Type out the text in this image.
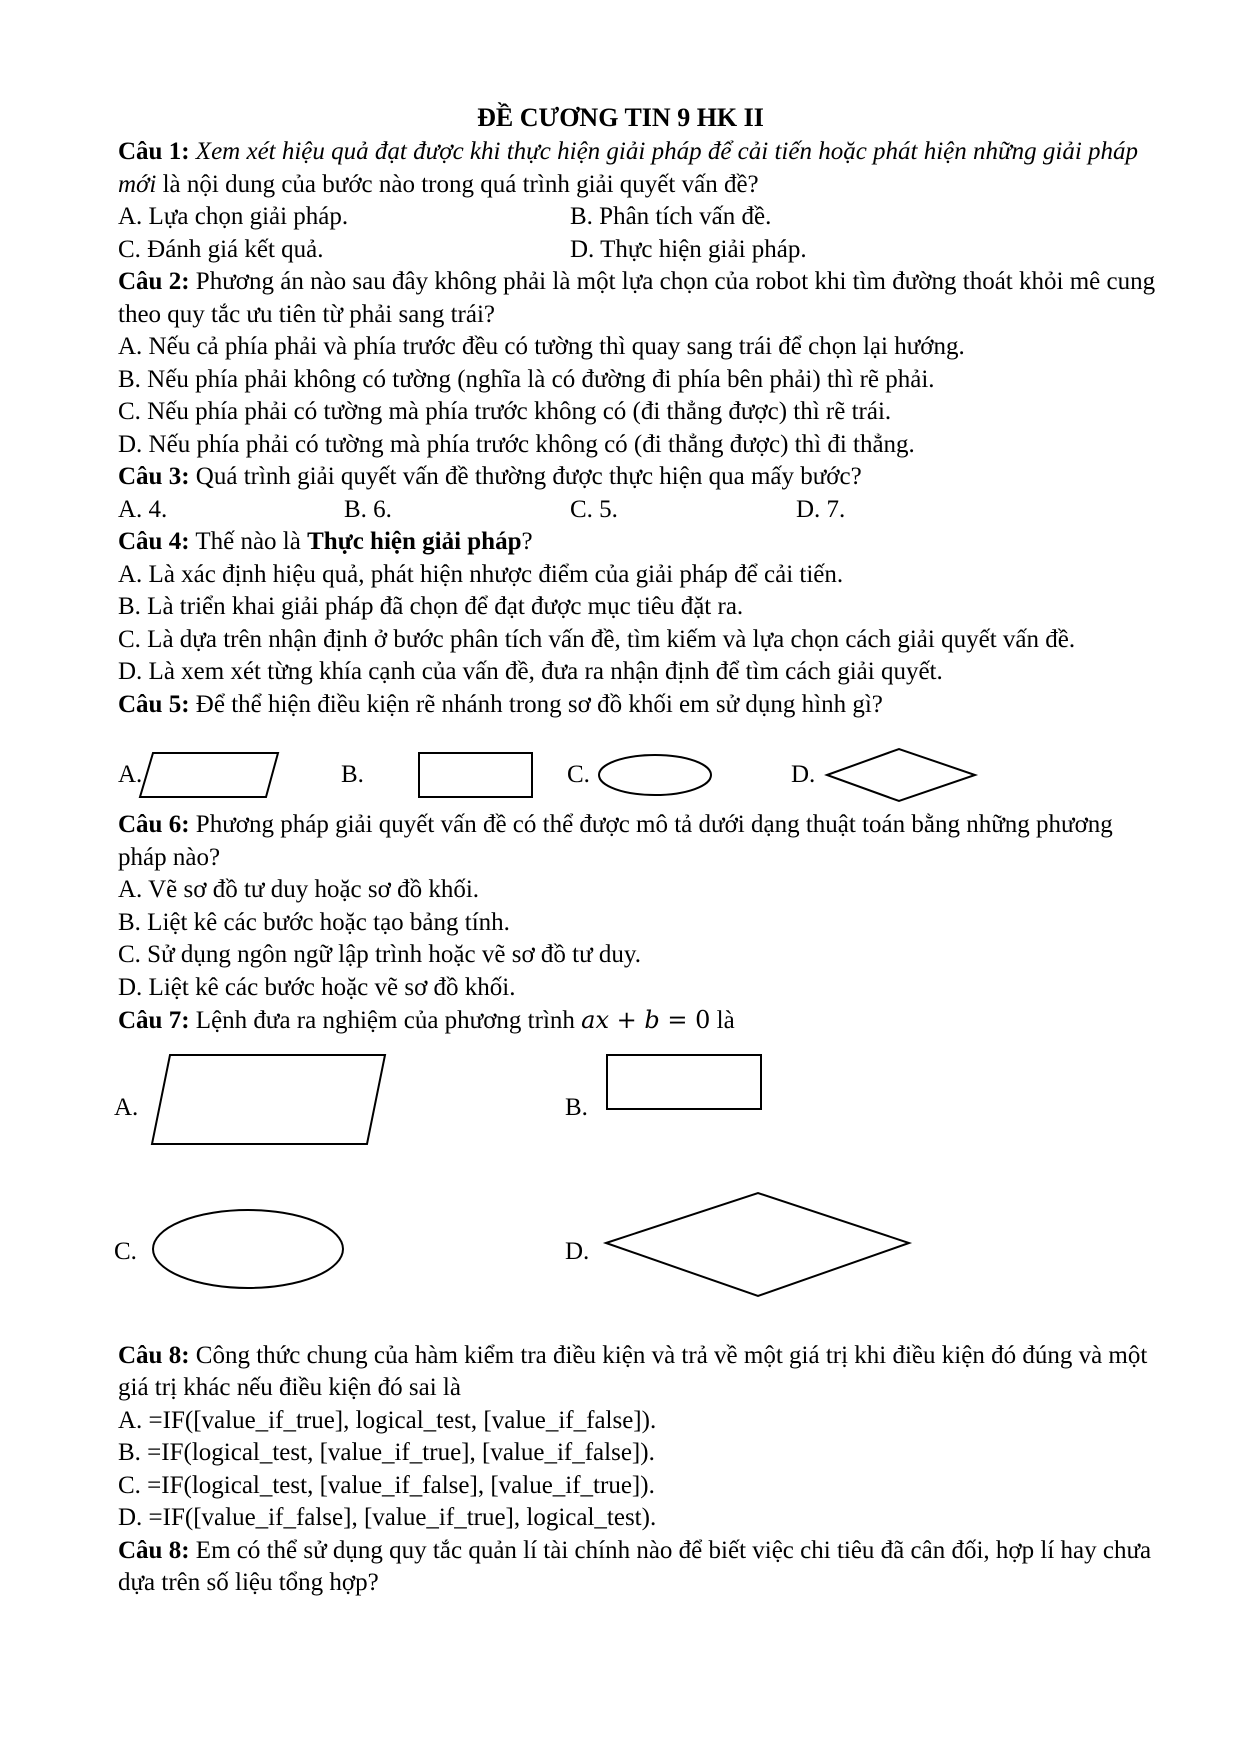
ĐỀ CƯƠNG TIN 9 HK II

Câu 1: Xem xét hiệu quả đạt được khi thực hiện giải pháp để cải tiến hoặc phát hiện những giải pháp mới là nội dung của bước nào trong quá trình giải quyết vấn đề?

A. Lựa chọn giải pháp.	B. Phân tích vấn đề.
C. Đánh giá kết quả.	D. Thực hiện giải pháp.

Câu 2: Phương án nào sau đây không phải là một lựa chọn của robot khi tìm đường thoát khỏi mê cung theo quy tắc ưu tiên từ phải sang trái?

A. Nếu cả phía phải và phía trước đều có tường thì quay sang trái để chọn lại hướng.

B. Nếu phía phải không có tường (nghĩa là có đường đi phía bên phải) thì rẽ phải.

C. Nếu phía phải có tường mà phía trước không có (đi thẳng được) thì rẽ trái.

D. Nếu phía phải có tường mà phía trước không có (đi thẳng được) thì đi thẳng.

Câu 3: Quá trình giải quyết vấn đề thường được thực hiện qua mấy bước?

A. 4.	B. 6.	C. 5.	D. 7.

Câu 4: Thế nào là Thực hiện giải pháp?

A. Là xác định hiệu quả, phát hiện nhược điểm của giải pháp để cải tiến.

B. Là triển khai giải pháp đã chọn để đạt được mục tiêu đặt ra.

C. Là dựa trên nhận định ở bước phân tích vấn đề, tìm kiếm và lựa chọn cách giải quyết vấn đề.

D. Là xem xét từng khía cạnh của vấn đề, đưa ra nhận định để tìm cách giải quyết.

Câu 5: Để thể hiện điều kiện rẽ nhánh trong sơ đồ khối em sử dụng hình gì?

A.	B.	C.	D.

Câu 6: Phương pháp giải quyết vấn đề có thể được mô tả dưới dạng thuật toán bằng những phương pháp nào?

A. Vẽ sơ đồ tư duy hoặc sơ đồ khối.

B. Liệt kê các bước hoặc tạo bảng tính.

C. Sử dụng ngôn ngữ lập trình hoặc vẽ sơ đồ tư duy.

D. Liệt kê các bước hoặc vẽ sơ đồ khối.

Câu 7: Lệnh đưa ra nghiệm của phương trình ax + b = 0 là

A.	B.
C.	D.

Câu 8: Công thức chung của hàm kiểm tra điều kiện và trả về một giá trị khi điều kiện đó đúng và một giá trị khác nếu điều kiện đó sai là

A. =IF([value_if_true], logical_test, [value_if_false]).

B. =IF(logical_test, [value_if_true], [value_if_false]).

C. =IF(logical_test, [value_if_false], [value_if_true]).

D. =IF([value_if_false], [value_if_true], logical_test).

Câu 8: Em có thể sử dụng quy tắc quản lí tài chính nào để biết việc chi tiêu đã cân đối, hợp lí hay chưa dựa trên số liệu tổng hợp?
